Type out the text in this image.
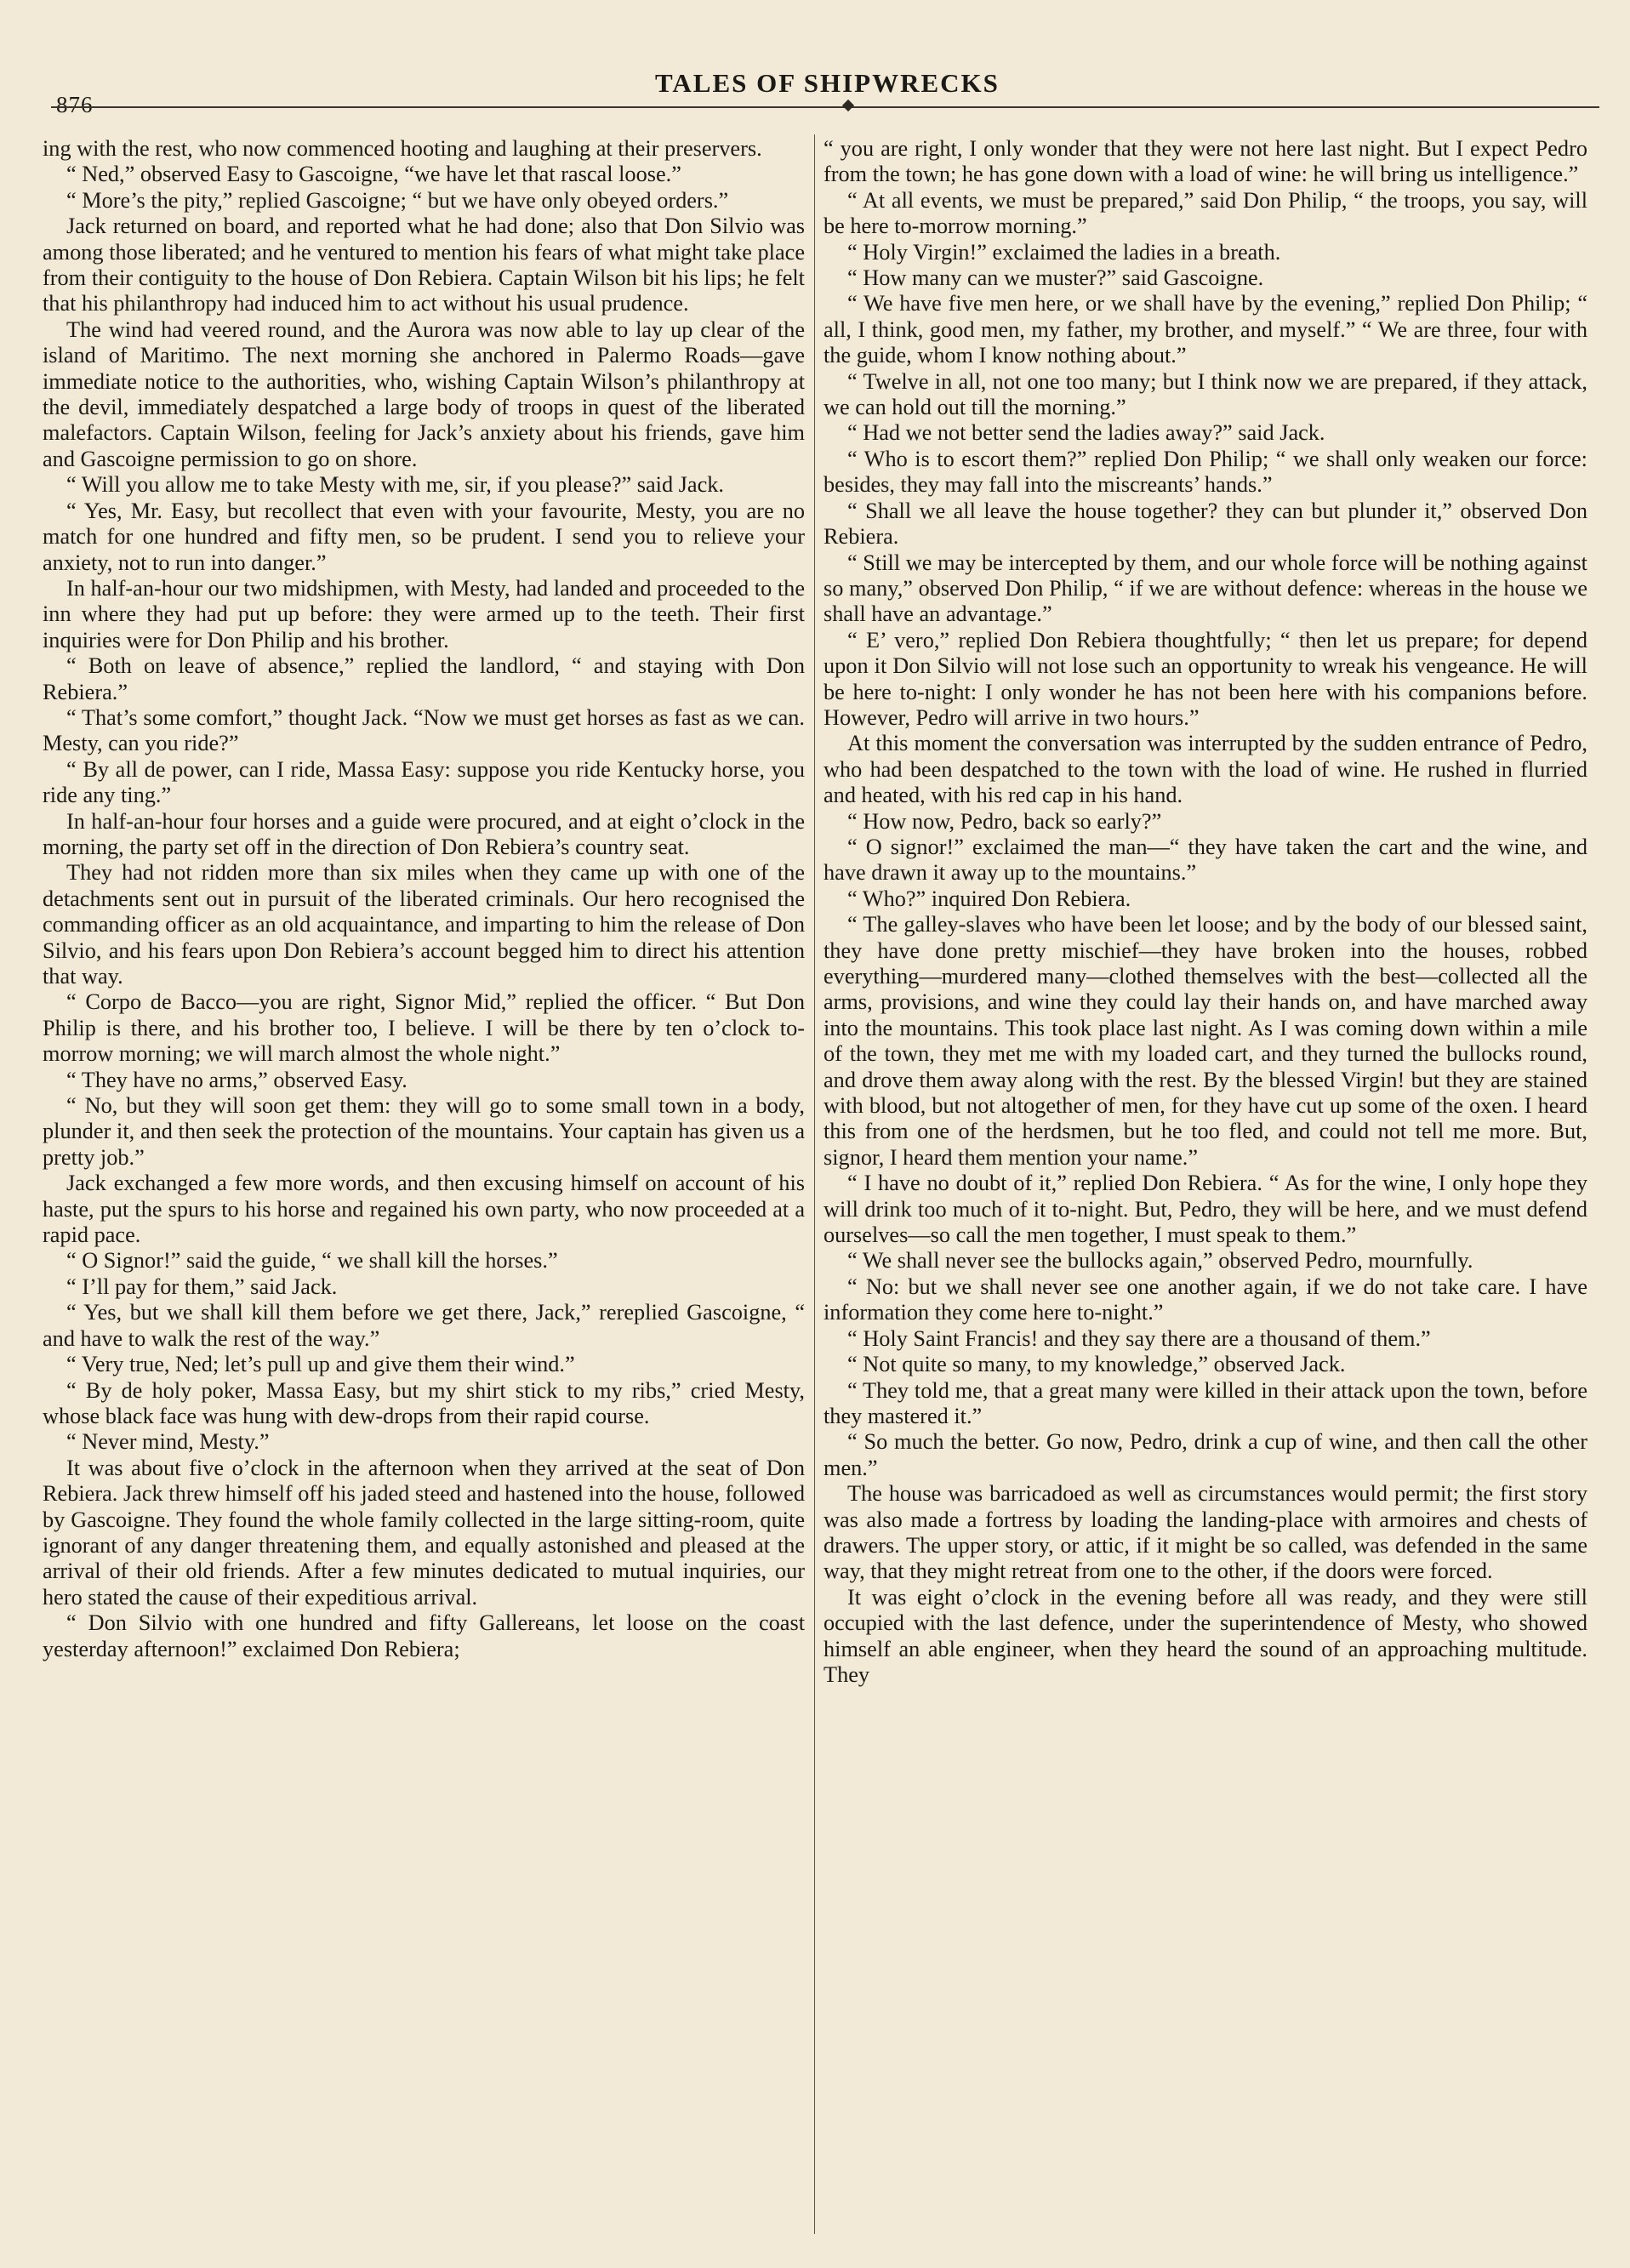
876
TALES OF SHIPWRECKS

ing with the rest, who now commenced hooting and laughing at their preservers.

“ Ned,” observed Easy to Gascoigne, “we have let that rascal loose.”

“ More’s the pity,” replied Gascoigne; “ but we have only obeyed orders.”

Jack returned on board, and reported what he had done; also that Don Silvio was among those liberated; and he ventured to mention his fears of what might take place from their contiguity to the house of Don Rebiera. Captain Wilson bit his lips; he felt that his philanthropy had induced him to act without his usual prudence.

The wind had veered round, and the Aurora was now able to lay up clear of the island of Maritimo. The next morning she anchored in Palermo Roads—gave immediate notice to the authorities, who, wishing Captain Wilson’s philanthropy at the devil, immediately despatched a large body of troops in quest of the liberated malefactors. Captain Wilson, feeling for Jack’s anxiety about his friends, gave him and Gascoigne permission to go on shore.

“ Will you allow me to take Mesty with me, sir, if you please?” said Jack.

“ Yes, Mr. Easy, but recollect that even with your favourite, Mesty, you are no match for one hundred and fifty men, so be prudent. I send you to relieve your anxiety, not to run into danger.”

In half-an-hour our two midshipmen, with Mesty, had landed and proceeded to the inn where they had put up before: they were armed up to the teeth. Their first inquiries were for Don Philip and his brother.

“ Both on leave of absence,” replied the landlord, “ and staying with Don Rebiera.”

“ That’s some comfort,” thought Jack. “Now we must get horses as fast as we can. Mesty, can you ride?”

“ By all de power, can I ride, Massa Easy: suppose you ride Kentucky horse, you ride any ting.”

In half-an-hour four horses and a guide were procured, and at eight o’clock in the morning, the party set off in the direction of Don Rebiera’s country seat.

They had not ridden more than six miles when they came up with one of the detachments sent out in pursuit of the liberated criminals. Our hero recognised the commanding officer as an old acquaintance, and imparting to him the release of Don Silvio, and his fears upon Don Rebiera’s account begged him to direct his attention that way.

“ Corpo de Bacco—you are right, Signor Mid,” replied the officer. “ But Don Philip is there, and his brother too, I believe. I will be there by ten o’clock to-morrow morning; we will march almost the whole night.”

“ They have no arms,” observed Easy.

“ No, but they will soon get them: they will go to some small town in a body, plunder it, and then seek the protection of the mountains. Your captain has given us a pretty job.”

Jack exchanged a few more words, and then excusing himself on account of his haste, put the spurs to his horse and regained his own party, who now proceeded at a rapid pace.

“ O Signor!” said the guide, “ we shall kill the horses.”

“ I’ll pay for them,” said Jack.

“ Yes, but we shall kill them before we get there, Jack,” rereplied Gascoigne, “ and have to walk the rest of the way.”

“ Very true, Ned; let’s pull up and give them their wind.”

“ By de holy poker, Massa Easy, but my shirt stick to my ribs,” cried Mesty, whose black face was hung with dew-drops from their rapid course.

“ Never mind, Mesty.”

It was about five o’clock in the afternoon when they arrived at the seat of Don Rebiera. Jack threw himself off his jaded steed and hastened into the house, followed by Gascoigne. They found the whole family collected in the large sitting-room, quite ignorant of any danger threatening them, and equally astonished and pleased at the arrival of their old friends. After a few minutes dedicated to mutual inquiries, our hero stated the cause of their expeditious arrival.

“ Don Silvio with one hundred and fifty Gallereans, let loose on the coast yesterday afternoon!” exclaimed Don Rebiera;

“ you are right, I only wonder that they were not here last night. But I expect Pedro from the town; he has gone down with a load of wine: he will bring us intelligence.”

“ At all events, we must be prepared,” said Don Philip, “ the troops, you say, will be here to-morrow morning.”

“ Holy Virgin!” exclaimed the ladies in a breath.

“ How many can we muster?” said Gascoigne.

“ We have five men here, or we shall have by the evening,” replied Don Philip; “ all, I think, good men, my father, my brother, and myself.” “ We are three, four with the guide, whom I know nothing about.”

“ Twelve in all, not one too many; but I think now we are prepared, if they attack, we can hold out till the morning.”

“ Had we not better send the ladies away?” said Jack.

“ Who is to escort them?” replied Don Philip; “ we shall only weaken our force: besides, they may fall into the miscreants’ hands.”

“ Shall we all leave the house together? they can but plunder it,” observed Don Rebiera.

“ Still we may be intercepted by them, and our whole force will be nothing against so many,” observed Don Philip, “ if we are without defence: whereas in the house we shall have an advantage.”

“ E’ vero,” replied Don Rebiera thoughtfully; “ then let us prepare; for depend upon it Don Silvio will not lose such an opportunity to wreak his vengeance. He will be here to-night: I only wonder he has not been here with his companions before. However, Pedro will arrive in two hours.”

At this moment the conversation was interrupted by the sudden entrance of Pedro, who had been despatched to the town with the load of wine. He rushed in flurried and heated, with his red cap in his hand.

“ How now, Pedro, back so early?”

“ O signor!” exclaimed the man—“ they have taken the cart and the wine, and have drawn it away up to the mountains.”

“ Who?” inquired Don Rebiera.

“ The galley-slaves who have been let loose; and by the body of our blessed saint, they have done pretty mischief—they have broken into the houses, robbed everything—murdered many—clothed themselves with the best—collected all the arms, provisions, and wine they could lay their hands on, and have marched away into the mountains. This took place last night. As I was coming down within a mile of the town, they met me with my loaded cart, and they turned the bullocks round, and drove them away along with the rest. By the blessed Virgin! but they are stained with blood, but not altogether of men, for they have cut up some of the oxen. I heard this from one of the herdsmen, but he too fled, and could not tell me more. But, signor, I heard them mention your name.”

“ I have no doubt of it,” replied Don Rebiera. “ As for the wine, I only hope they will drink too much of it to-night. But, Pedro, they will be here, and we must defend ourselves—so call the men together, I must speak to them.”

“ We shall never see the bullocks again,” observed Pedro, mournfully.

“ No: but we shall never see one another again, if we do not take care. I have information they come here to-night.”

“ Holy Saint Francis! and they say there are a thousand of them.”

“ Not quite so many, to my knowledge,” observed Jack.

“ They told me, that a great many were killed in their attack upon the town, before they mastered it.”

“ So much the better. Go now, Pedro, drink a cup of wine, and then call the other men.”

The house was barricadoed as well as circumstances would permit; the first story was also made a fortress by loading the landing-place with armoires and chests of drawers. The upper story, or attic, if it might be so called, was defended in the same way, that they might retreat from one to the other, if the doors were forced.

It was eight o’clock in the evening before all was ready, and they were still occupied with the last defence, under the superintendence of Mesty, who showed himself an able engineer, when they heard the sound of an approaching multitude. They
